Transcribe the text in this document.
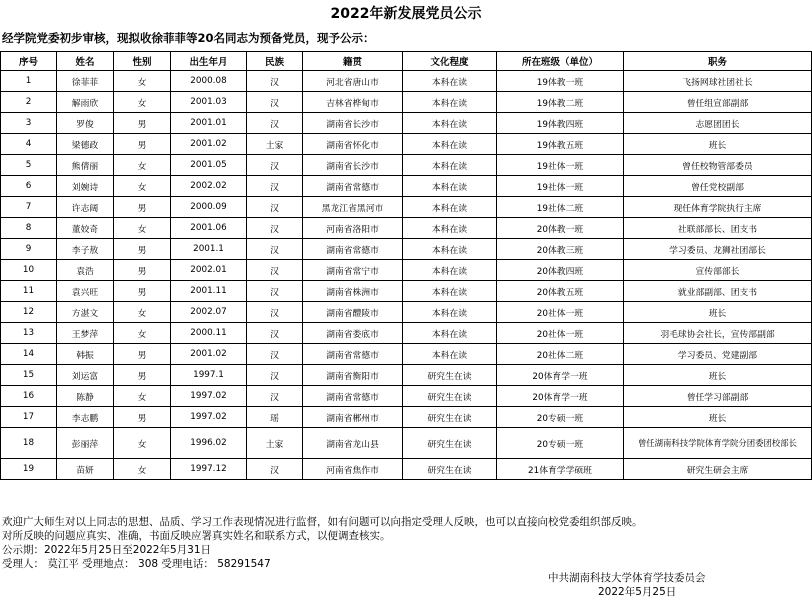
2022年新发展党员公示
经学院党委初步审核，现拟收徐菲菲等20名同志为预备党员，现予公示：
序号	姓名	性别	出生年月	民族	籍贯	文化程度	所在班级（单位）	职务
1	徐菲菲	女	2000.08	汉	河北省唐山市	本科在读	19体教一班	飞扬网球社团社长
2	解雨欣	女	2001.03	汉	吉林省桦甸市	本科在读	19体教二班	曾任组宣部副部
3	罗俊	男	2001.01	汉	湖南省长沙市	本科在读	19体教四班	志愿团团长
4	梁德政	男	2001.02	土家	湖南省怀化市	本科在读	19体教五班	班长
5	熊倩丽	女	2001.05	汉	湖南省长沙市	本科在读	19社体一班	曾任校物管部委员
6	刘婉诗	女	2002.02	汉	湖南省常德市	本科在读	19社体一班	曾任党校副部
7	许志阔	男	2000.09	汉	黑龙江省黑河市	本科在读	19社体二班	现任体育学院执行主席
8	董姣奇	女	2001.06	汉	河南省洛阳市	本科在读	20体教一班	社联部部长、团支书
9	李子敖	男	2001.1	汉	湖南省常德市	本科在读	20体教三班	学习委员、龙狮社团部长
10	袁浩	男	2002.01	汉	湖南省常宁市	本科在读	20体教四班	宣传部部长
11	袁兴旺	男	2001.11	汉	湖南省株洲市	本科在读	20体教五班	就业部副部、团支书
12	方湛文	女	2002.07	汉	湖南省醴陵市	本科在读	20社体一班	班长
13	王梦萍	女	2000.11	汉	湖南省娄底市	本科在读	20社体一班	羽毛球协会社长，宣传部副部
14	韩振	男	2001.02	汉	湖南省常德市	本科在读	20社体二班	学习委员、党建副部
15	刘运富	男	1997.1	汉	湖南省衡阳市	研究生在读	20体育学一班	班长
16	陈静	女	1997.02	汉	湖南省常德市	研究生在读	20体育学一班	曾任学习部副部
17	李志鹏	男	1997.02	瑶	湖南省郴州市	研究生在读	20专硕一班	班长
18	彭丽萍	女	1996.02	土家	湖南省龙山县	研究生在读	20专硕一班	曾任湖南科技学院体育学院分团委团校部长
19	苗妍	女	1997.12	汉	河南省焦作市	研究生在读	21体育学学硕班	研究生研会主席
欢迎广大师生对以上同志的思想、品质、学习工作表现情况进行监督，如有问题可以向指定受理人反映，也可以直接向校党委组织部反映。
对所反映的问题应真实、准确，书面反映应署真实姓名和联系方式，以便调查核实。
公示期：2022年5月25日至2022年5月31日
受理人： 莫江平 受理地点： 308 受理电话： 58291547
中共湖南科技大学体育学技委员会
2022年5月25日
